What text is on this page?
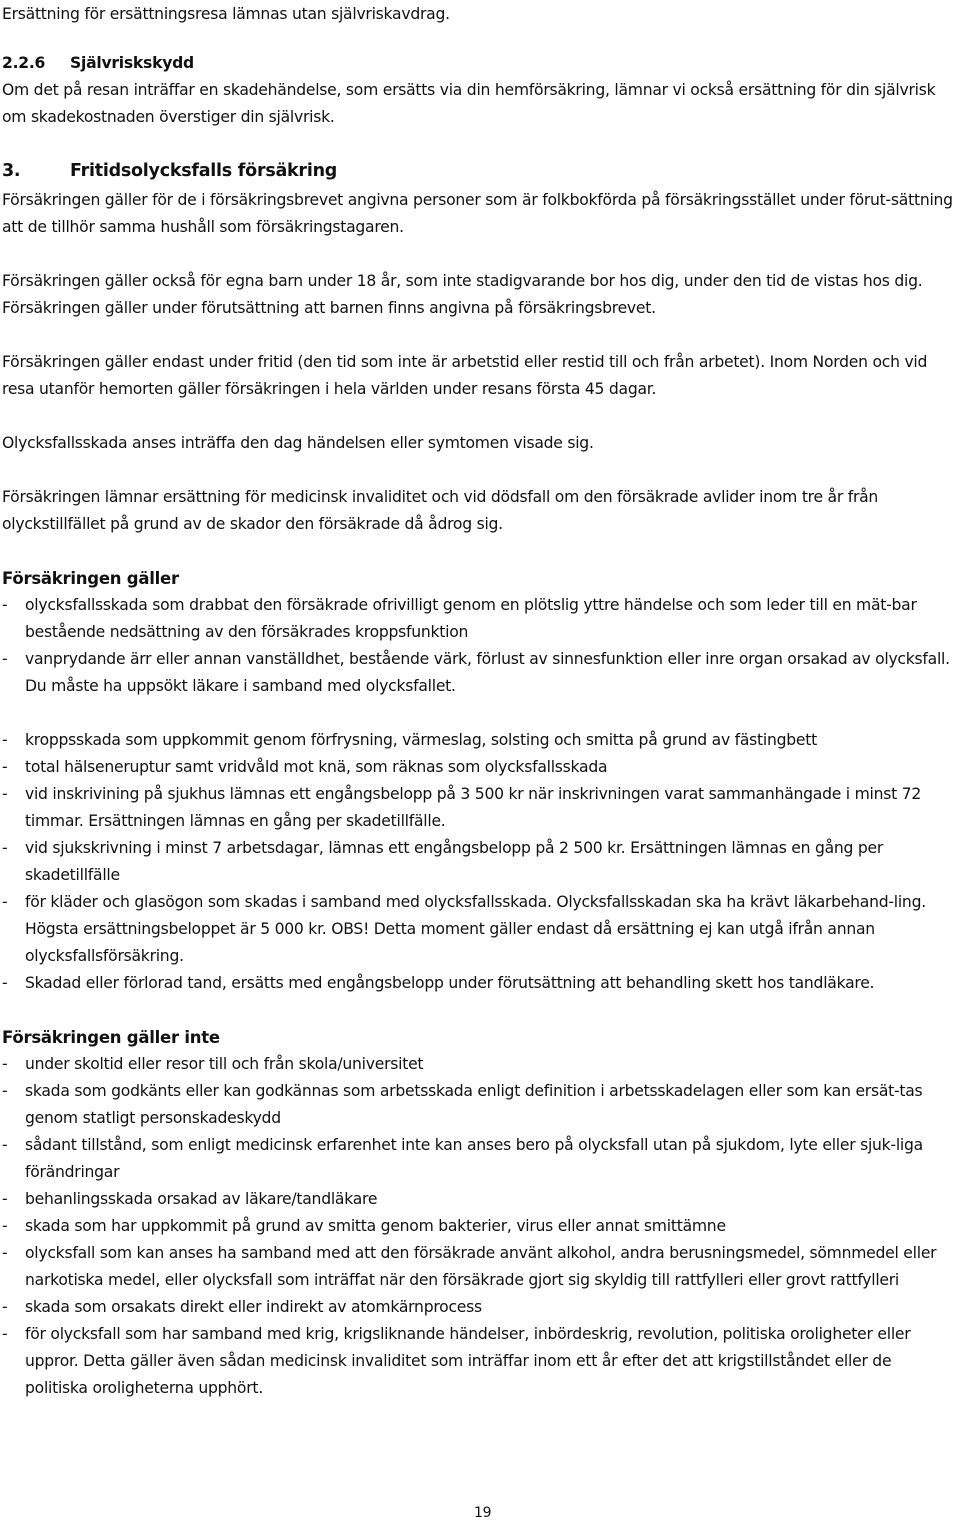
Ersättning för ersättningsresa lämnas utan självriskavdrag.

2.2.6 Självriskskydd

Om det på resan inträffar en skadehändelse, som ersätts via din hemförsäkring, lämnar vi också ersättning för din självrisk om skadekostnaden överstiger din självrisk.

3.	Fritidsolycksfalls försäkring

Försäkringen gäller för de i försäkringsbrevet angivna personer som är folkbokförda på försäkringsstället under förut-sättning att de tillhör samma hushåll som försäkringstagaren.

Försäkringen gäller också för egna barn under 18 år, som inte stadigvarande bor hos dig, under den tid de vistas hos dig. Försäkringen gäller under förutsättning att barnen finns angivna på försäkringsbrevet.

Försäkringen gäller endast under fritid (den tid som inte är arbetstid eller restid till och från arbetet). Inom Norden och vid resa utanför hemorten gäller försäkringen i hela världen under resans första 45 dagar.

Olycksfallsskada anses inträffa den dag händelsen eller symtomen visade sig.

Försäkringen lämnar ersättning för medicinsk invaliditet och vid dödsfall om den försäkrade avlider inom tre år från olyckstillfället på grund av de skador den försäkrade då ådrog sig.

Försäkringen gäller
- olycksfallsskada som drabbat den försäkrade ofrivilligt genom en plötslig yttre händelse och som leder till en mät-bar bestående nedsättning av den försäkrades kroppsfunktion
- vanprydande ärr eller annan vanställdhet, bestående värk, förlust av sinnesfunktion eller inre organ orsakad av olycksfall. Du måste ha uppsökt läkare i samband med olycksfallet.
- kroppsskada som uppkommit genom förfrysning, värmeslag, solsting och smitta på grund av fästingbett
- total hälseneruptur samt vridvåld mot knä, som räknas som olycksfallsskada
- vid inskrivining på sjukhus lämnas ett engångsbelopp på 3 500 kr när inskrivningen varat sammanhängade i minst 72 timmar. Ersättningen lämnas en gång per skadetillfälle.
- vid sjukskrivning i minst 7 arbetsdagar, lämnas ett engångsbelopp på 2 500 kr. Ersättningen lämnas en gång per skadetillfälle
- för kläder och glasögon som skadas i samband med olycksfallsskada. Olycksfallsskadan ska ha krävt läkarbehand-ling. Högsta ersättningsbeloppet är 5 000 kr. OBS! Detta moment gäller endast då ersättning ej kan utgå ifrån annan olycksfallsförsäkring.
- Skadad eller förlorad tand, ersätts med engångsbelopp under förutsättning att behandling skett hos tandläkare.
Försäkringen gäller inte
- under skoltid eller resor till och från skola/universitet
- skada som godkänts eller kan godkännas som arbetsskada enligt definition i arbetsskadelagen eller som kan ersät-tas genom statligt personskadeskydd
- sådant tillstånd, som enligt medicinsk erfarenhet inte kan anses bero på olycksfall utan på sjukdom, lyte eller sjuk-liga förändringar
- behanlingsskada orsakad av läkare/tandläkare
- skada som har uppkommit på grund av smitta genom bakterier, virus eller annat smittämne
- olycksfall som kan anses ha samband med att den försäkrade använt alkohol, andra berusningsmedel, sömnmedel eller narkotiska medel, eller olycksfall som inträffat när den försäkrade gjort sig skyldig till rattfylleri eller grovt rattfylleri
- skada som orsakats direkt eller indirekt av atomkärnprocess
- för olycksfall som har samband med krig, krigsliknande händelser, inbördeskrig, revolution, politiska oroligheter eller uppror. Detta gäller även sådan medicinsk invaliditet som inträffar inom ett år efter det att krigstillståndet eller de politiska oroligheterna upphört.
19
